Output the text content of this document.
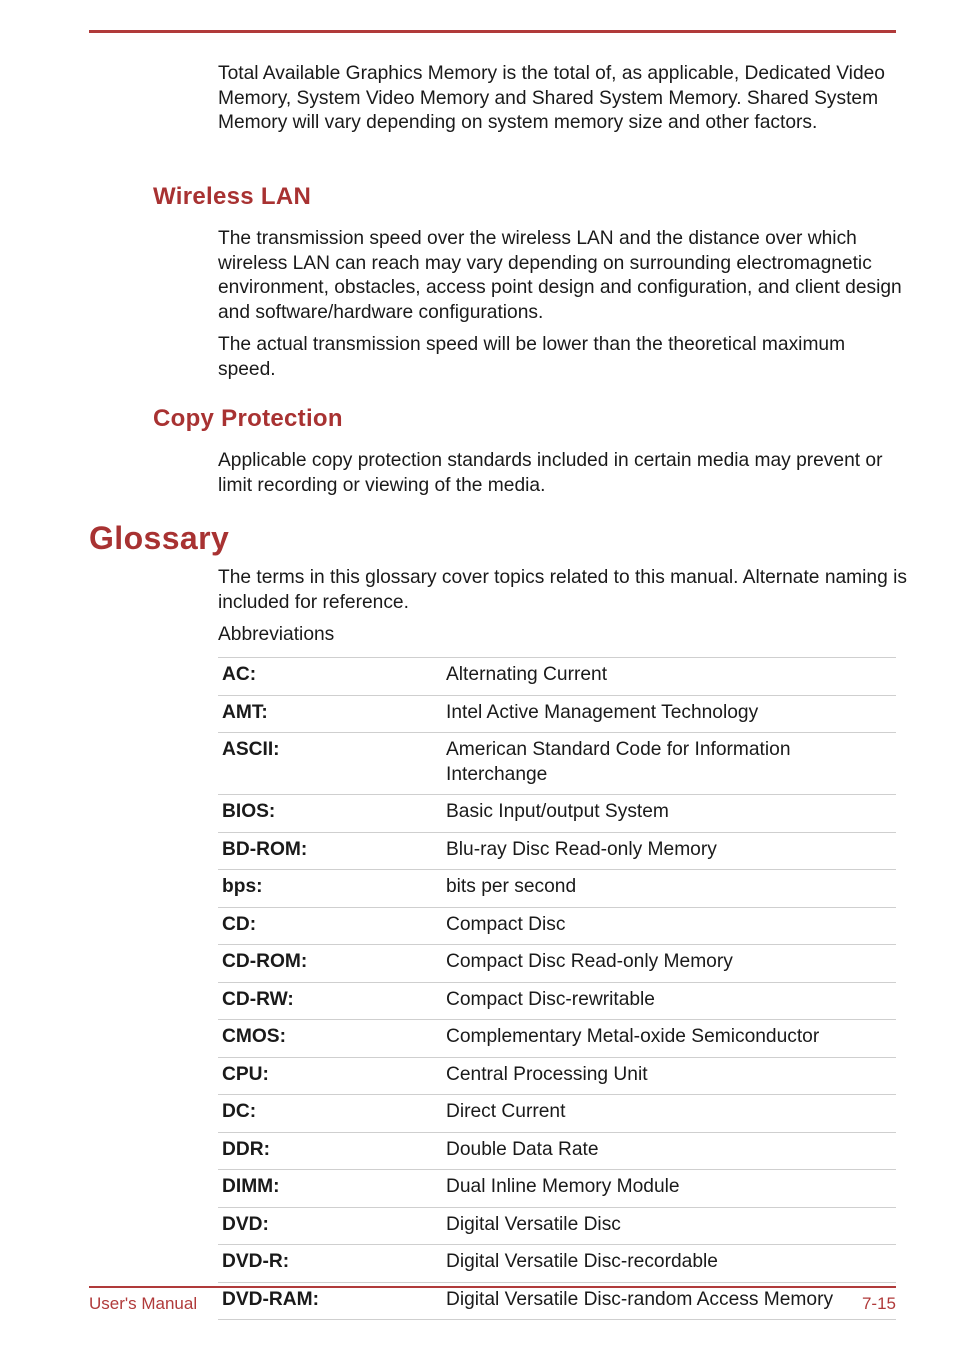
Total Available Graphics Memory is the total of, as applicable, Dedicated Video Memory, System Video Memory and Shared System Memory. Shared System Memory will vary depending on system memory size and other factors.

Wireless LAN

The transmission speed over the wireless LAN and the distance over which wireless LAN can reach may vary depending on surrounding electromagnetic environment, obstacles, access point design and configuration, and client design and software/hardware configurations.

The actual transmission speed will be lower than the theoretical maximum speed.

Copy Protection

Applicable copy protection standards included in certain media may prevent or limit recording or viewing of the media.

Glossary

The terms in this glossary cover topics related to this manual. Alternate naming is included for reference.

Abbreviations

AC:	Alternating Current
AMT:	Intel Active Management Technology
ASCII:	American Standard Code for Information Interchange
BIOS:	Basic Input/output System
BD-ROM:	Blu-ray Disc Read-only Memory
bps:	bits per second
CD:	Compact Disc
CD-ROM:	Compact Disc Read-only Memory
CD-RW:	Compact Disc-rewritable
CMOS:	Complementary Metal-oxide Semiconductor
CPU:	Central Processing Unit
DC:	Direct Current
DDR:	Double Data Rate
DIMM:	Dual Inline Memory Module
DVD:	Digital Versatile Disc
DVD-R:	Digital Versatile Disc-recordable
DVD-RAM:	Digital Versatile Disc-random Access Memory
User's Manual	7-15
